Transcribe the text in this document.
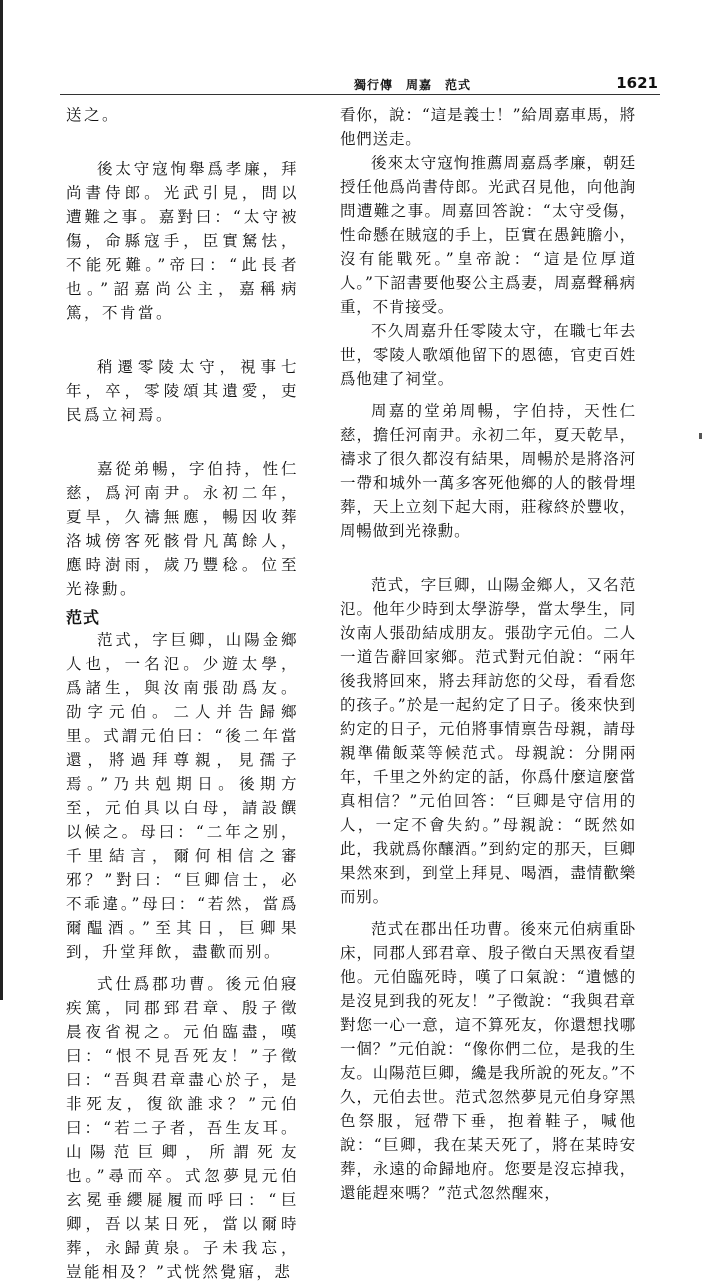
獨行傳　周嘉　范式	1621

送之。

後太守寇恂舉爲孝廉，拜尚書侍郎。光武引見，問以遭難之事。嘉對曰：“太守被傷，命縣寇手，臣實駑怯，不能死難。”帝曰：“此長者也。”詔嘉尚公主，嘉稱病篤，不肯當。

稍遷零陵太守，視事七年，卒，零陵頌其遺愛，吏民爲立祠焉。

嘉從弟暢，字伯持，性仁慈，爲河南尹。永初二年，夏旱，久禱無應，暢因收葬洛城傍客死骸骨凡萬餘人，應時澍雨，歲乃豐稔。位至光祿勳。

范式

范式，字巨卿，山陽金鄉人也，一名氾。少遊太學，爲諸生，與汝南張劭爲友。劭字元伯。二人并告歸鄉里。式謂元伯曰：“後二年當還，將過拜尊親，見孺子焉。”乃共剋期日。後期方至，元伯具以白母，請設饌以候之。母曰：“二年之别，千里結言，爾何相信之審邪？”對曰：“巨卿信士，必不乖違。”母曰：“若然，當爲爾醖酒。”至其日，巨卿果到，升堂拜飲，盡歡而别。

式仕爲郡功曹。後元伯寢疾篤，同郡郅君章、殷子徵晨夜省視之。元伯臨盡，嘆曰：“恨不見吾死友！”子徵曰：“吾與君章盡心於子，是非死友，復欲誰求？”元伯曰：“若二子者，吾生友耳。山陽范巨卿，所謂死友也。”尋而卒。式忽夢見元伯玄冕垂纓屣履而呼曰：“巨卿，吾以某日死，當以爾時葬，永歸黄泉。子未我忘，豈能相及？”式恍然覺寤，悲

看你，說：“這是義士！”給周嘉車馬，將他們送走。

後來太守寇恂推薦周嘉爲孝廉，朝廷授任他爲尚書侍郎。光武召見他，向他詢問遭難之事。周嘉回答說：“太守受傷，性命懸在賊寇的手上，臣實在愚鈍膽小，沒有能戰死。”皇帝說：“這是位厚道人。”下詔書要他娶公主爲妻，周嘉聲稱病重，不肯接受。

不久周嘉升任零陵太守，在職七年去世，零陵人歌頌他留下的恩德，官吏百姓爲他建了祠堂。

周嘉的堂弟周暢，字伯持，天性仁慈，擔任河南尹。永初二年，夏天乾旱，禱求了很久都沒有結果，周暢於是將洛河一帶和城外一萬多客死他鄉的人的骸骨埋葬，天上立刻下起大雨，莊稼終於豐收，周暢做到光祿勳。

范式，字巨卿，山陽金鄉人，又名范氾。他年少時到太學游學，當太學生，同汝南人張劭結成朋友。張劭字元伯。二人一道告辭回家鄉。范式對元伯說：“兩年後我將回來，將去拜訪您的父母，看看您的孩子。”於是一起約定了日子。後來快到約定的日子，元伯將事情禀告母親，請母親準備飯菜等候范式。母親說：分開兩年，千里之外約定的話，你爲什麼這麼當真相信？”元伯回答：“巨卿是守信用的人，一定不會失約。”母親說：“既然如此，我就爲你釀酒。”到約定的那天，巨卿果然來到，到堂上拜見、喝酒，盡情歡樂而别。

范式在郡出任功曹。後來元伯病重卧床，同郡人郅君章、殷子徵白天黑夜看望他。元伯臨死時，嘆了口氣說：“遺憾的是沒見到我的死友！”子徵說：“我與君章對您一心一意，這不算死友，你還想找哪一個？”元伯說：“像你們二位，是我的生友。山陽范巨卿，纔是我所說的死友。”不久，元伯去世。范式忽然夢見元伯身穿黑色祭服，冠帶下垂，抱着鞋子，喊他說：“巨卿，我在某天死了，將在某時安葬，永遠的命歸地府。您要是沒忘掉我，還能趕來嗎？”范式忽然醒來，
